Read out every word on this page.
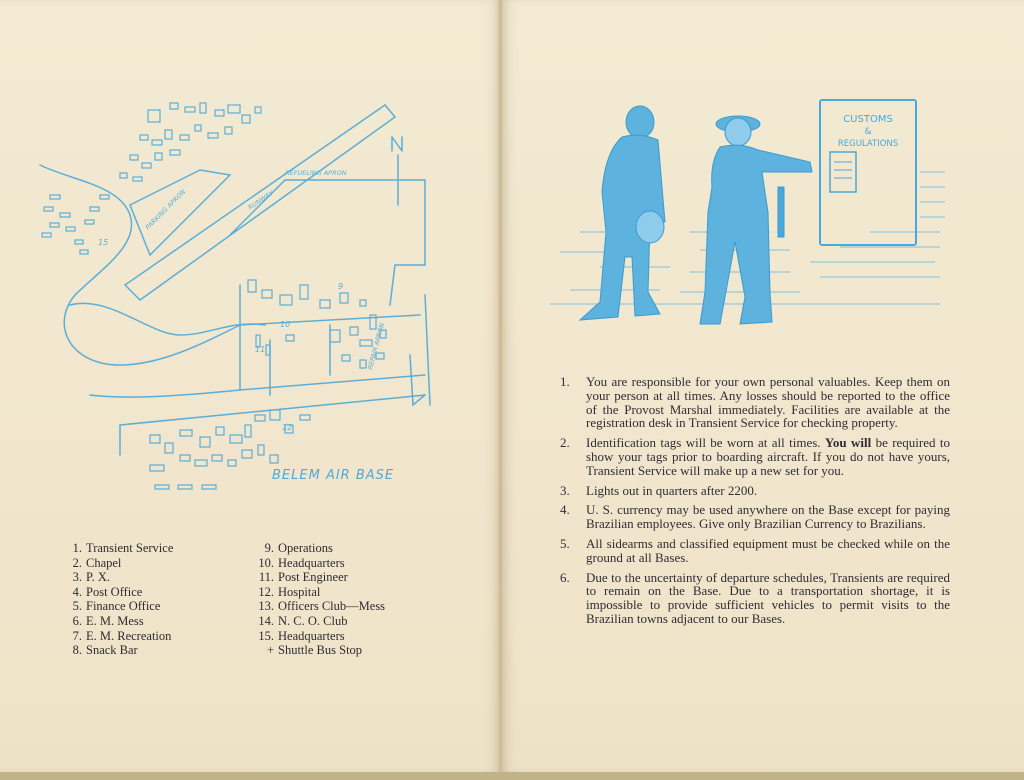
15
9
12
11
10
RUNWAY
PARKING APRON
REFUELING APRON
REPAIR APRON
BELEM AIR BASE
1. Transient Service
2. Chapel
3. P. X.
4. Post Office
5. Finance Office
6. E. M. Mess
7. E. M. Recreation
8. Snack Bar
9. Operations
10. Headquarters
11. Post Engineer
12. Hospital
13. Officers Club—Mess
14. N. C. O. Club
15. Headquarters
+ Shuttle Bus Stop
CUSTOMS
&
REGULATIONS
1.	You are responsible for your own personal valuables. Keep them on your person at all times. Any losses should be reported to the office of the Provost Marshal immediately. Facilities are available at the registration desk in Transient Service for checking property.
2.	Identification tags will be worn at all times. You will be required to show your tags prior to boarding aircraft. If you do not have yours, Transient Service will make up a new set for you.
3.	Lights out in quarters after 2200.
4.	U. S. currency may be used anywhere on the Base except for paying Brazilian employees. Give only Brazilian Currency to Brazilians.
5.	All sidearms and classified equipment must be checked while on the ground at all Bases.
6.	Due to the uncertainty of departure schedules, Transients are required to remain on the Base. Due to a transportation shortage, it is impossible to provide sufficient vehicles to permit visits to the Brazilian towns adjacent to our Bases.
